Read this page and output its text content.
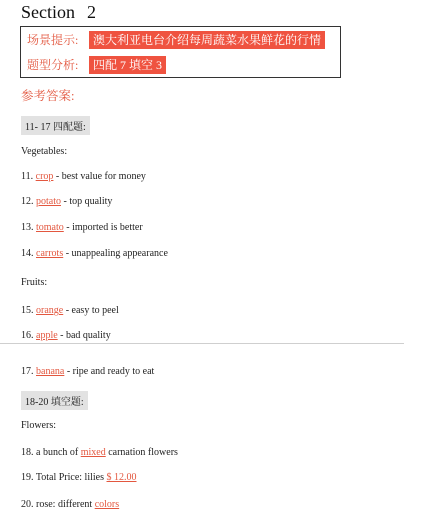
Section 2
场景提示: 澳大利亚电台介绍每周蔬菜水果鲜花的行情
题型分析: 四配 7 填空 3
参考答案:
11- 17 四配题:
Vegetables:
11. crop - best value for money
12. potato - top quality
13. tomato - imported is better
14. carrots - unappealing appearance
Fruits:
15. orange - easy to peel
16. apple - bad quality
17. banana - ripe and ready to eat
18-20 填空题:
Flowers:
18. a bunch of mixed carnation flowers
19. Total Price: lilies $ 12.00
20. rose: different colors
